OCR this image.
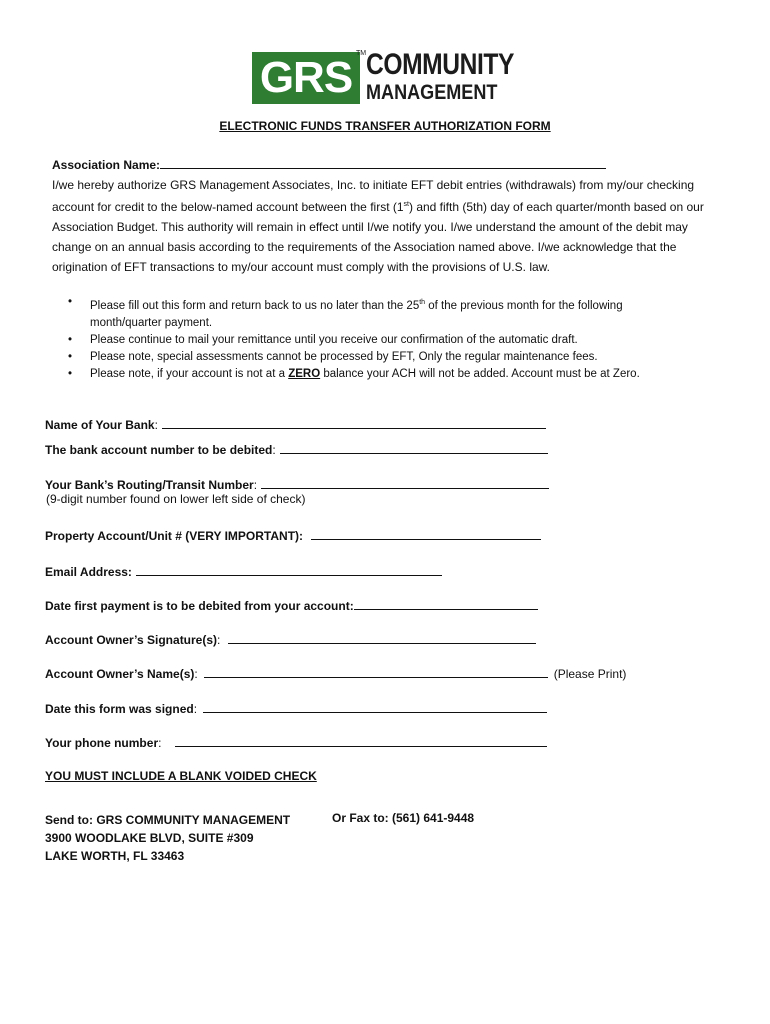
GRS TM COMMUNITY
MANAGEMENT
ELECTRONIC FUNDS TRANSFER AUTHORIZATION FORM
Association Name:

I/we hereby authorize GRS Management Associates, Inc. to initiate EFT debit entries (withdrawals) from my/our checking account for credit to the below-named account between the first (1st) and fifth (5th) day of each quarter/month based on our Association Budget. This authority will remain in effect until I/we notify you. I/we understand the amount of the debit may change on an annual basis according to the requirements of the Association named above. I/we acknowledge that the origination of EFT transactions to my/our account must comply with the provisions of U.S. law.

• Please fill out this form and return back to us no later than the 25th of the previous month for the following month/quarter payment.
• Please continue to mail your remittance until you receive our confirmation of the automatic draft.
• Please note, special assessments cannot be processed by EFT, Only the regular maintenance fees.
• Please note, if your account is not at a ZERO balance your ACH will not be added. Account must be at Zero.
Name of Your Bank:
The bank account number to be debited:
Your Bank’s Routing/Transit Number:
(9-digit number found on lower left side of check)
Property Account/Unit # (VERY IMPORTANT):
Email Address:
Date first payment is to be debited from your account:
Account Owner’s Signature(s):
Account Owner’s Name(s):	(Please Print)
Date this form was signed:
Your phone number:
YOU MUST INCLUDE A BLANK VOIDED CHECK
Send to: GRS COMMUNITY MANAGEMENT
3900 WOODLAKE BLVD, SUITE #309
LAKE WORTH, FL 33463
Or Fax to: (561) 641-9448
